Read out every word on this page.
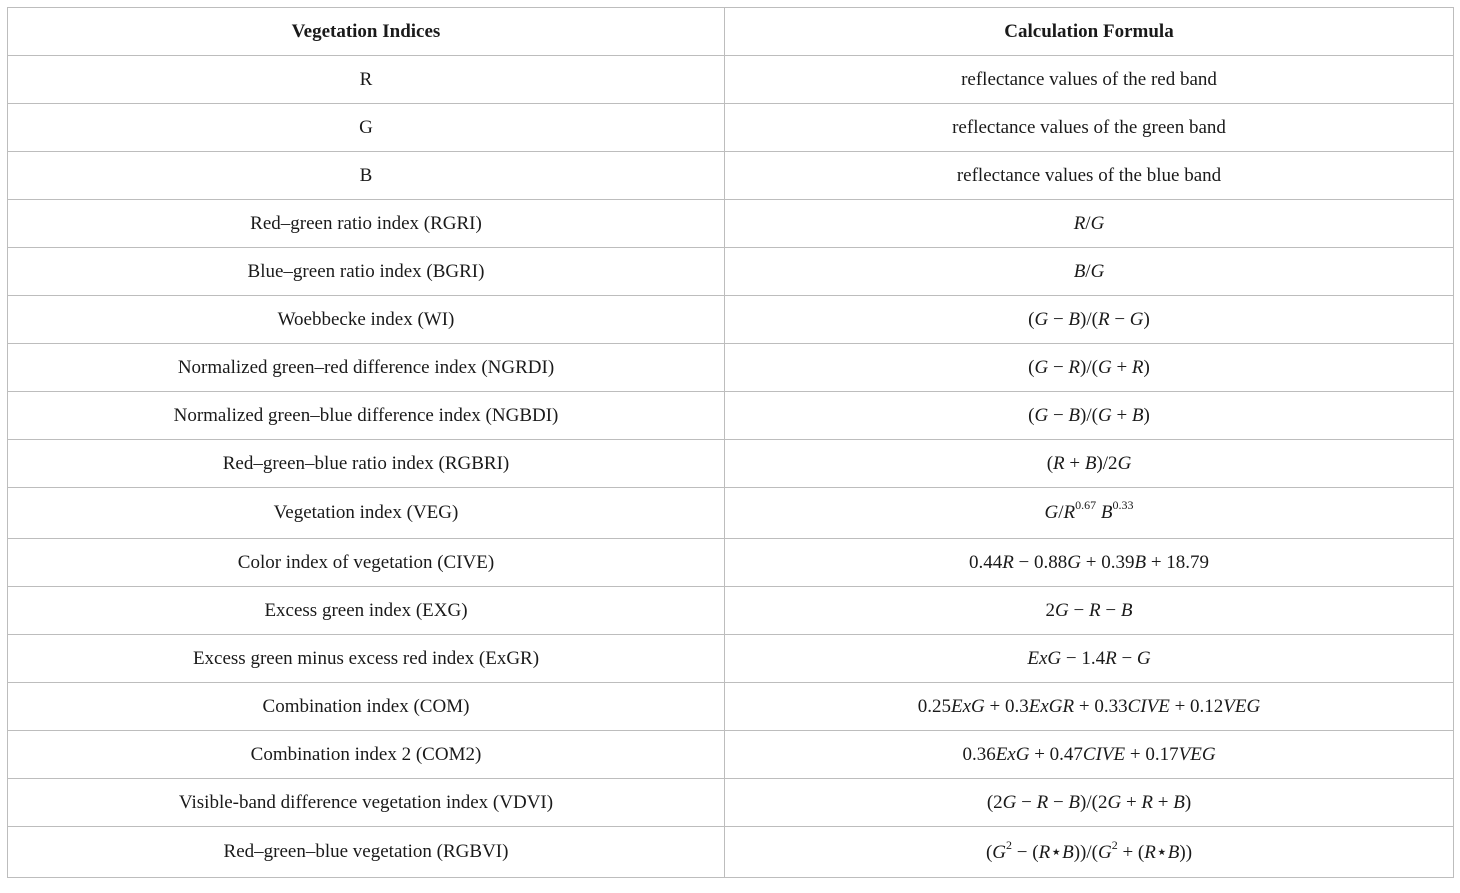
Vegetation Indices	Calculation Formula
R	reflectance values of the red band
G	reflectance values of the green band
B	reflectance values of the blue band
Red–green ratio index (RGRI)	R/G
Blue–green ratio index (BGRI)	B/G
Woebbecke index (WI)	(G − B)/(R − G)
Normalized green–red difference index (NGRDI)	(G − R)/(G + R)
Normalized green–blue difference index (NGBDI)	(G − B)/(G + B)
Red–green–blue ratio index (RGBRI)	(R + B)/2G
Vegetation index (VEG)	$G/R^{0.67}$ $B^{0.33}$
Color index of vegetation (CIVE)	0.44R − 0.88G + 0.39B + 18.79
Excess green index (EXG)	2G − R − B
Excess green minus excess red index (ExGR)	ExG − 1.4R − G
Combination index (COM)	0.25ExG + 0.3ExGR + 0.33CIVE + 0.12VEG
Combination index 2 (COM2)	0.36ExG + 0.47CIVE + 0.17VEG
Visible-band difference vegetation index (VDVI)	(2G − R − B)/(2G + R + B)
Red–green–blue vegetation (RGBVI)	($G^2$ − $(R⋆B))/(G^2$ + (R⋆B))
